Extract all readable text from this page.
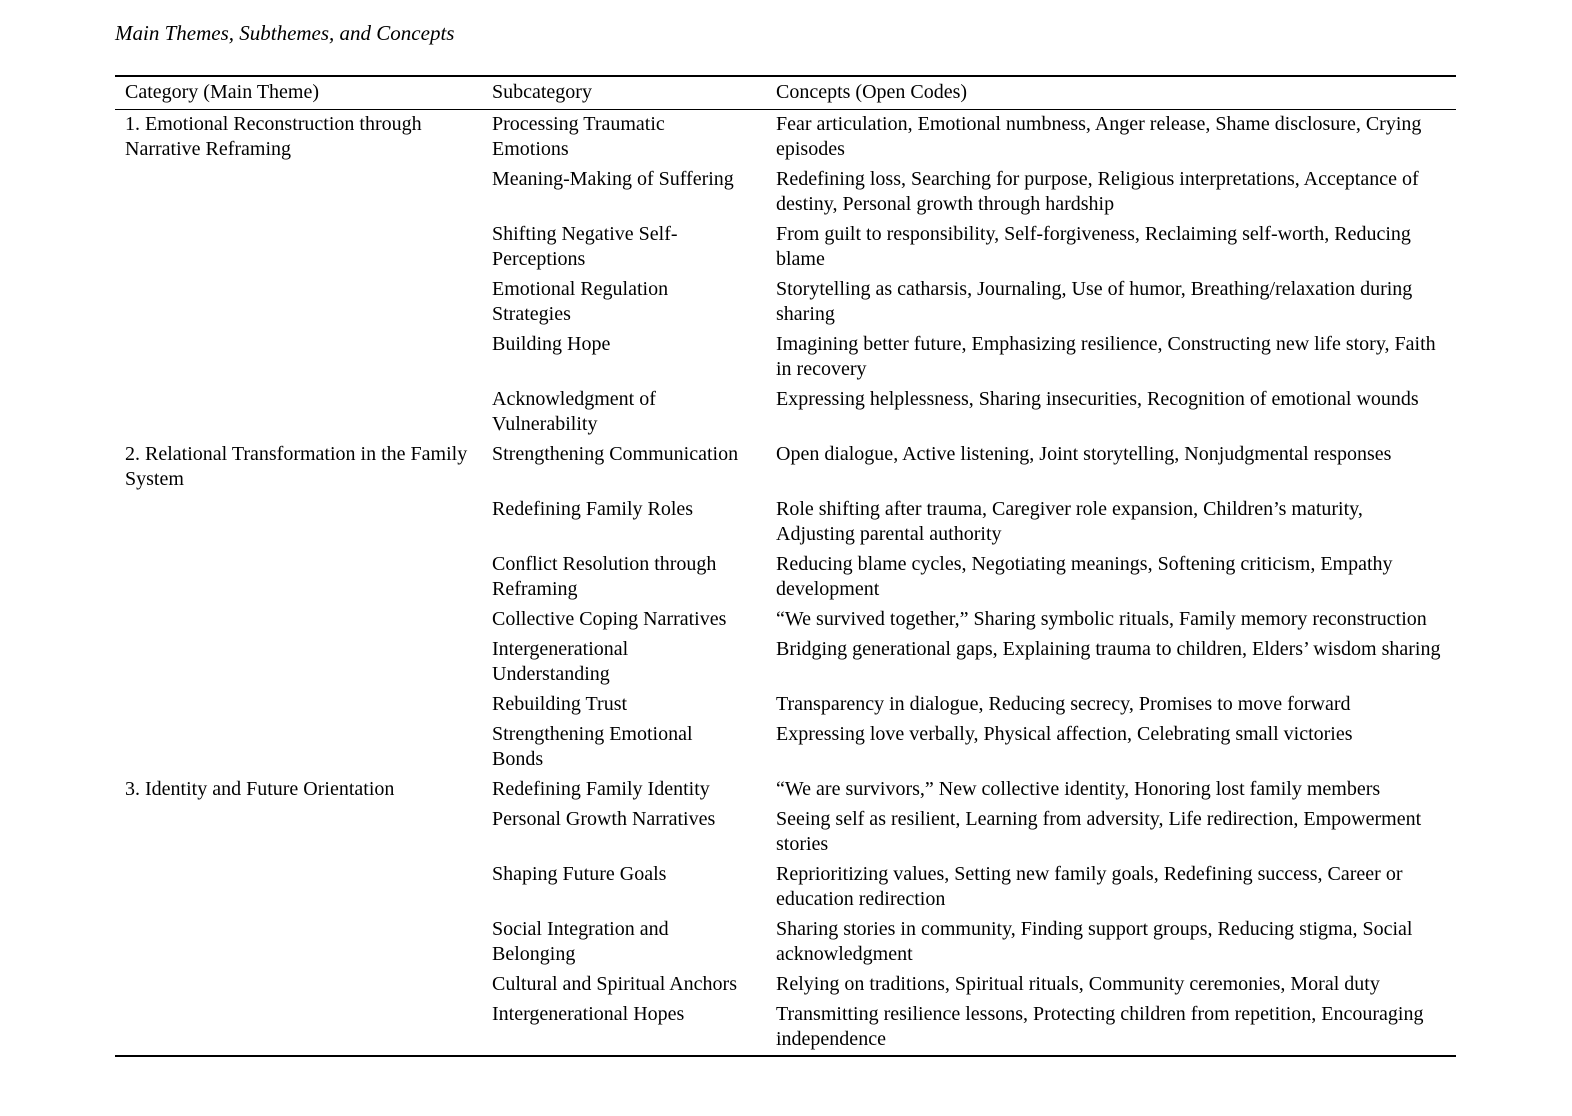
Main Themes, Subthemes, and Concepts
Category (Main Theme)	Subcategory	Concepts (Open Codes)
1. Emotional Reconstruction through Narrative Reframing	Processing Traumatic Emotions	Fear articulation, Emotional numbness, Anger release, Shame disclosure, Crying episodes
	Meaning-Making of Suffering	Redefining loss, Searching for purpose, Religious interpretations, Acceptance of destiny, Personal growth through hardship
	Shifting Negative Self-Perceptions	From guilt to responsibility, Self-forgiveness, Reclaiming self-worth, Reducing blame
	Emotional Regulation Strategies	Storytelling as catharsis, Journaling, Use of humor, Breathing/relaxation during sharing
	Building Hope	Imagining better future, Emphasizing resilience, Constructing new life story, Faith in recovery
	Acknowledgment of Vulnerability	Expressing helplessness, Sharing insecurities, Recognition of emotional wounds
2. Relational Transformation in the Family System	Strengthening Communication	Open dialogue, Active listening, Joint storytelling, Nonjudgmental responses
	Redefining Family Roles	Role shifting after trauma, Caregiver role expansion, Children’s maturity, Adjusting parental authority
	Conflict Resolution through Reframing	Reducing blame cycles, Negotiating meanings, Softening criticism, Empathy development
	Collective Coping Narratives	“We survived together,” Sharing symbolic rituals, Family memory reconstruction
	Intergenerational Understanding	Bridging generational gaps, Explaining trauma to children, Elders’ wisdom sharing
	Rebuilding Trust	Transparency in dialogue, Reducing secrecy, Promises to move forward
	Strengthening Emotional Bonds	Expressing love verbally, Physical affection, Celebrating small victories
3. Identity and Future Orientation	Redefining Family Identity	“We are survivors,” New collective identity, Honoring lost family members
	Personal Growth Narratives	Seeing self as resilient, Learning from adversity, Life redirection, Empowerment stories
	Shaping Future Goals	Reprioritizing values, Setting new family goals, Redefining success, Career or education redirection
	Social Integration and Belonging	Sharing stories in community, Finding support groups, Reducing stigma, Social acknowledgment
	Cultural and Spiritual Anchors	Relying on traditions, Spiritual rituals, Community ceremonies, Moral duty
	Intergenerational Hopes	Transmitting resilience lessons, Protecting children from repetition, Encouraging independence
